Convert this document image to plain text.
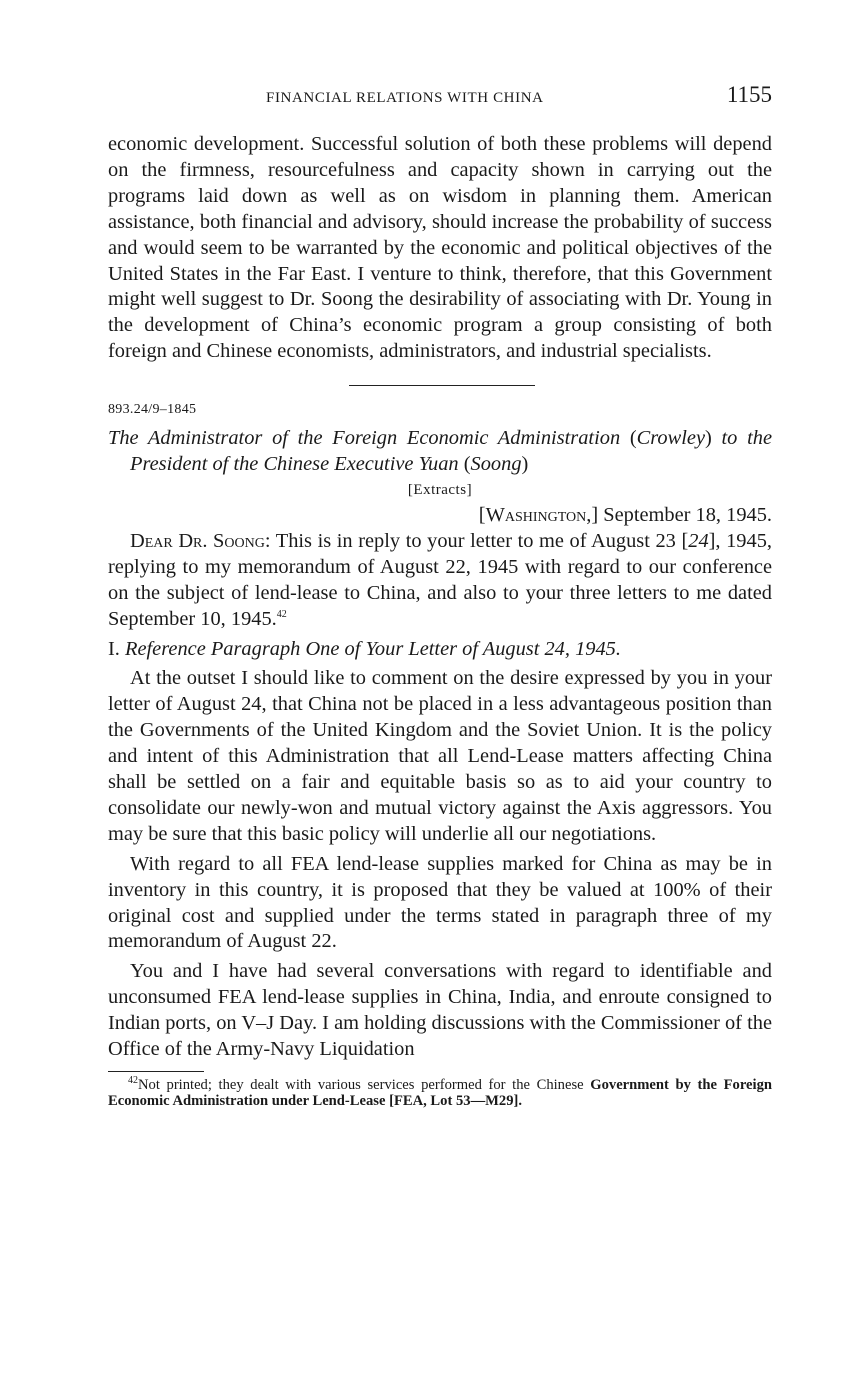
FINANCIAL RELATIONS WITH CHINA	1155

economic development. Successful solution of both these problems will depend on the firmness, resourcefulness and capacity shown in carrying out the programs laid down as well as on wisdom in planning them. American assistance, both financial and advisory, should increase the probability of success and would seem to be warranted by the economic and political objectives of the United States in the Far East. I venture to think, therefore, that this Government might well suggest to Dr. Soong the desirability of associating with Dr. Young in the development of China’s economic program a group consisting of both foreign and Chinese economists, administrators, and industrial specialists.

893.24/9–1845
The Administrator of the Foreign Economic Administration (Crowley) to the President of the Chinese Executive Yuan (Soong)
[Extracts]
[Washington,] September 18, 1945.

Dear Dr. Soong: This is in reply to your letter to me of August 23 [24], 1945, replying to my memorandum of August 22, 1945 with regard to our conference on the subject of lend-lease to China, and also to your three letters to me dated September 10, 1945.42

I. Reference Paragraph One of Your Letter of August 24, 1945.

At the outset I should like to comment on the desire expressed by you in your letter of August 24, that China not be placed in a less advantageous position than the Governments of the United Kingdom and the Soviet Union. It is the policy and intent of this Administration that all Lend-Lease matters affecting China shall be settled on a fair and equitable basis so as to aid your country to consolidate our newly-won and mutual victory against the Axis aggressors. You may be sure that this basic policy will underlie all our negotiations.

With regard to all FEA lend-lease supplies marked for China as may be in inventory in this country, it is proposed that they be valued at 100% of their original cost and supplied under the terms stated in paragraph three of my memorandum of August 22.

You and I have had several conversations with regard to identifiable and unconsumed FEA lend-lease supplies in China, India, and enroute consigned to Indian ports, on V–J Day. I am holding discussions with the Commissioner of the Office of the Army-Navy Liquidation

$^{42}$Not printed; they dealt with various services performed for the Chinese Government by the Foreign Economic Administration under Lend-Lease [FEA, Lot 53—M29].
